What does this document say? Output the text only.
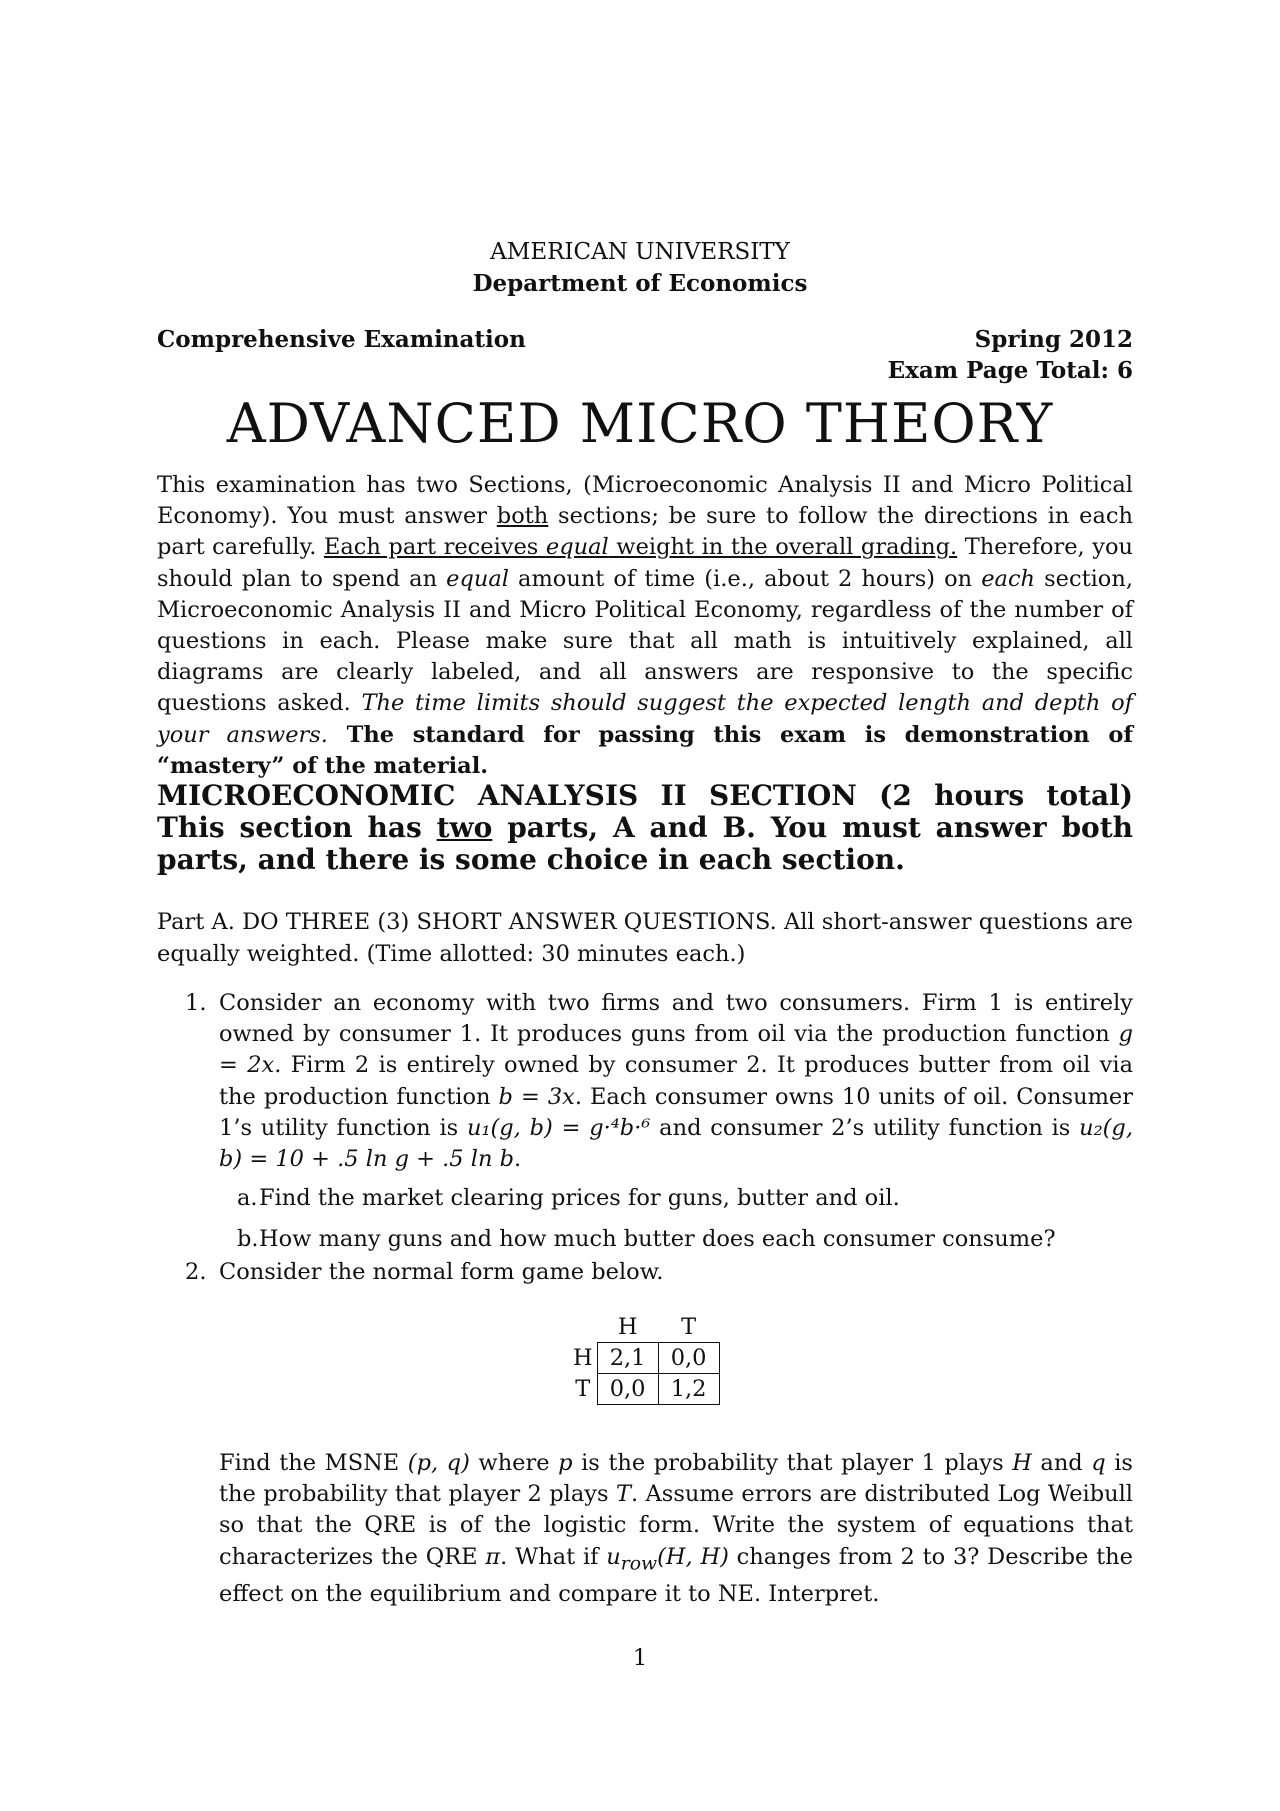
AMERICAN UNIVERSITY
Department of Economics
Comprehensive Examination	Spring 2012
Exam Page Total: 6
ADVANCED MICRO THEORY
This examination has two Sections, (Microeconomic Analysis II and Micro Political Economy). You must answer both sections; be sure to follow the directions in each part carefully. Each part receives equal weight in the overall grading. Therefore, you should plan to spend an equal amount of time (i.e., about 2 hours) on each section, Microeconomic Analysis II and Micro Political Economy, regardless of the number of questions in each. Please make sure that all math is intuitively explained, all diagrams are clearly labeled, and all answers are responsive to the specific questions asked. The time limits should suggest the expected length and depth of your answers. The standard for passing this exam is demonstration of “mastery” of the material.
MICROECONOMIC ANALYSIS II SECTION (2 hours total)
This section has two parts, A and B. You must answer both parts, and there is some choice in each section.
Part A. DO THREE (3) SHORT ANSWER QUESTIONS. All short-answer questions are equally weighted. (Time allotted: 30 minutes each.)
1. Consider an economy with two firms and two consumers. Firm 1 is entirely owned by consumer 1. It produces guns from oil via the production function g = 2x. Firm 2 is entirely owned by consumer 2. It produces butter from oil via the production function b = 3x. Each consumer owns 10 units of oil. Consumer 1’s utility function is u₁(g, b) = g·⁴b·⁶ and consumer 2’s utility function is u₂(g, b) = 10 + .5 ln g + .5 ln b.
a. Find the market clearing prices for guns, butter and oil.
b. How many guns and how much butter does each consumer consume?
2. Consider the normal form game below.
	H	T
H	2,1	0,0
T	0,0	1,2
Find the MSNE (p, q) where p is the probability that player 1 plays H and q is the probability that player 2 plays T. Assume errors are distributed Log Weibull so that the QRE is of the logistic form. Write the system of equations that characterizes the QRE π. What if $u_{row}(H$, H) changes from 2 to 3? Describe the effect on the equilibrium and compare it to NE. Interpret.
1
